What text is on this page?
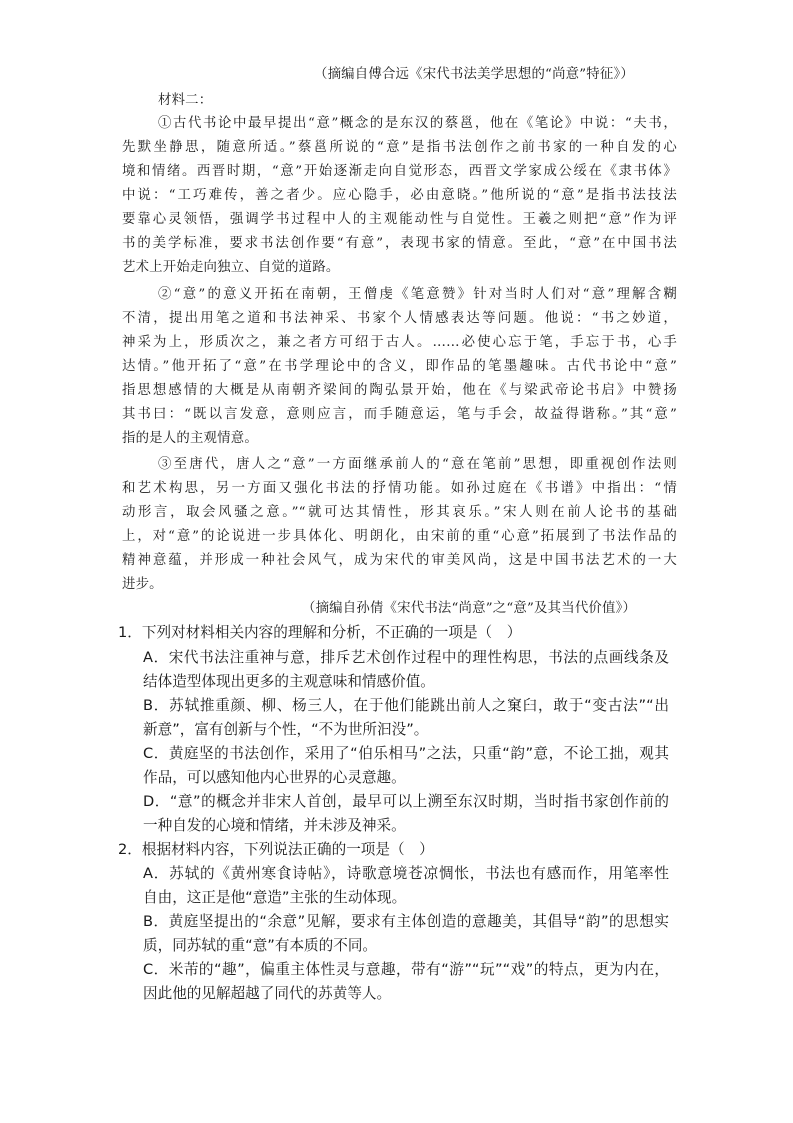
（摘编自傅合远《宋代书法美学思想的“尚意”特征》）
材料二：
①古代书论中最早提出“意”概念的是东汉的蔡邕，他在《笔论》中说：“夫书，
先默坐静思，随意所适。”蔡邕所说的“意”是指书法创作之前书家的一种自发的心
境和情绪。西晋时期，“意”开始逐渐走向自觉形态，西晋文学家成公绥在《隶书体》
中说：“工巧难传，善之者少。应心隐手，必由意晓。”他所说的“意”是指书法技法
要靠心灵领悟，强调学书过程中人的主观能动性与自觉性。王羲之则把“意”作为评
书的美学标准，要求书法创作要“有意”，表现书家的情意。至此，“意”在中国书法
艺术上开始走向独立、自觉的道路。
②“意”的意义开拓在南朝，王僧虔《笔意赞》针对当时人们对“意”理解含糊
不清，提出用笔之道和书法神采、书家个人情感表达等问题。他说：“书之妙道，
神采为上，形质次之，兼之者方可绍于古人。……必使心忘于笔，手忘于书，心手
达情。”他开拓了“意”在书学理论中的含义，即作品的笔墨趣味。古代书论中“意”
指思想感情的大概是从南朝齐梁间的陶弘景开始，他在《与梁武帝论书启》中赞扬
其书曰：“既以言发意，意则应言，而手随意运，笔与手会，故益得谐称。”其“意”
指的是人的主观情意。
③至唐代，唐人之“意”一方面继承前人的“意在笔前”思想，即重视创作法则
和艺术构思，另一方面又强化书法的抒情功能。如孙过庭在《书谱》中指出：“情
动形言，取会风骚之意。”“就可达其情性，形其哀乐。”宋人则在前人论书的基础
上，对“意”的论说进一步具体化、明朗化，由宋前的重“心意”拓展到了书法作品的
精神意蕴，并形成一种社会风气，成为宋代的审美风尚，这是中国书法艺术的一大
进步。
（摘编自孙倩《宋代书法“尚意”之“意”及其当代价值》）
1．下列对材料相关内容的理解和分析，不正确的一项是（　）
A．宋代书法注重神与意，排斥艺术创作过程中的理性构思，书法的点画线条及
结体造型体现出更多的主观意味和情感价值。
B．苏轼推重颜、柳、杨三人，在于他们能跳出前人之窠臼，敢于“变古法”“出
新意”，富有创新与个性，“不为世所汩没”。
C．黄庭坚的书法创作，采用了“伯乐相马”之法，只重“韵”意，不论工拙，观其
作品，可以感知他内心世界的心灵意趣。
D．“意”的概念并非宋人首创，最早可以上溯至东汉时期，当时指书家创作前的
一种自发的心境和情绪，并未涉及神采。
2．根据材料内容，下列说法正确的一项是（　）
A．苏轼的《黄州寒食诗帖》，诗歌意境苍凉惆怅，书法也有感而作，用笔率性
自由，这正是他“意造”主张的生动体现。
B．黄庭坚提出的“余意”见解，要求有主体创造的意趣美，其倡导“韵”的思想实
质，同苏轼的重“意”有本质的不同。
C．米芾的“趣”，偏重主体性灵与意趣，带有“游”“玩”“戏”的特点，更为内在，
因此他的见解超越了同代的苏黄等人。
